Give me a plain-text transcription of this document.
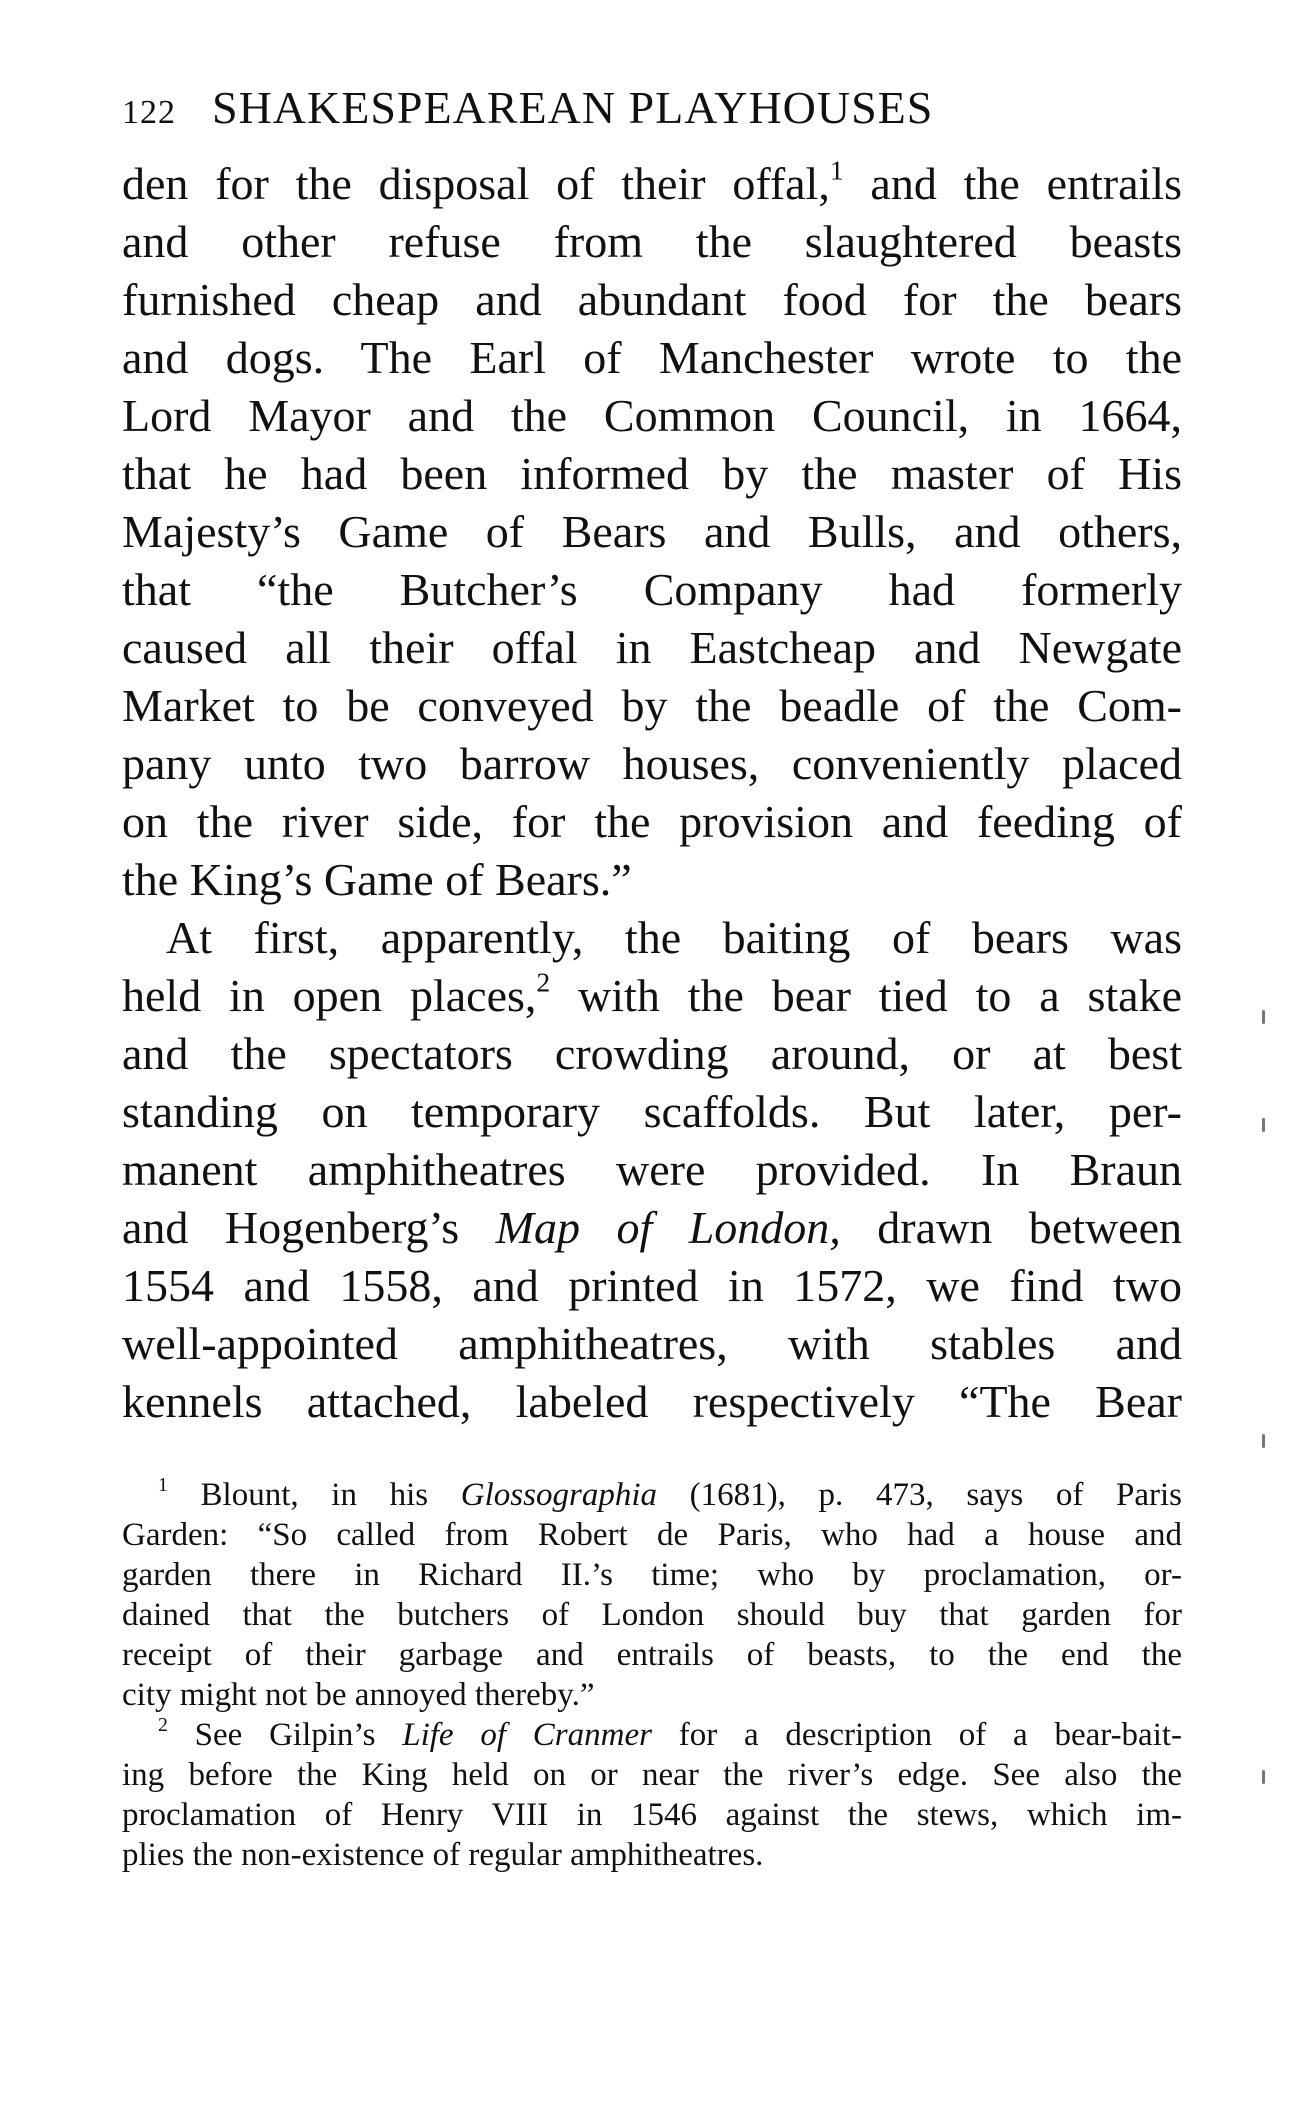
122 SHAKESPEAREAN PLAYHOUSES
den for the disposal of their offal,$^1$ and the entrails
and other refuse from the slaughtered beasts
furnished cheap and abundant food for the bears
and dogs. The Earl of Manchester wrote to the
Lord Mayor and the Common Council, in 1664,
that he had been informed by the master of His
Majesty’s Game of Bears and Bulls, and others,
that “the Butcher’s Company had formerly
caused all their offal in Eastcheap and Newgate
Market to be conveyed by the beadle of the Com-
pany unto two barrow houses, conveniently placed
on the river side, for the provision and feeding of
the King’s Game of Bears.”
At first, apparently, the baiting of bears was
held in open places,$^2$ with the bear tied to a stake
and the spectators crowding around, or at best
standing on temporary scaffolds. But later, per-
manent amphitheatres were provided. In Braun
and Hogenberg’s Map of London, drawn between
1554 and 1558, and printed in 1572, we find two
well-appointed amphitheatres, with stables and
kennels attached, labeled respectively “The Bear
$^1$ Blount, in his Glossographia (1681), p. 473, says of Paris
Garden: “So called from Robert de Paris, who had a house and
garden there in Richard II.’s time; who by proclamation, or-
dained that the butchers of London should buy that garden for
receipt of their garbage and entrails of beasts, to the end the
city might not be annoyed thereby.”
$^2$ See Gilpin’s Life of Cranmer for a description of a bear-bait-
ing before the King held on or near the river’s edge. See also the
proclamation of Henry VIII in 1546 against the stews, which im-
plies the non-existence of regular amphitheatres.
